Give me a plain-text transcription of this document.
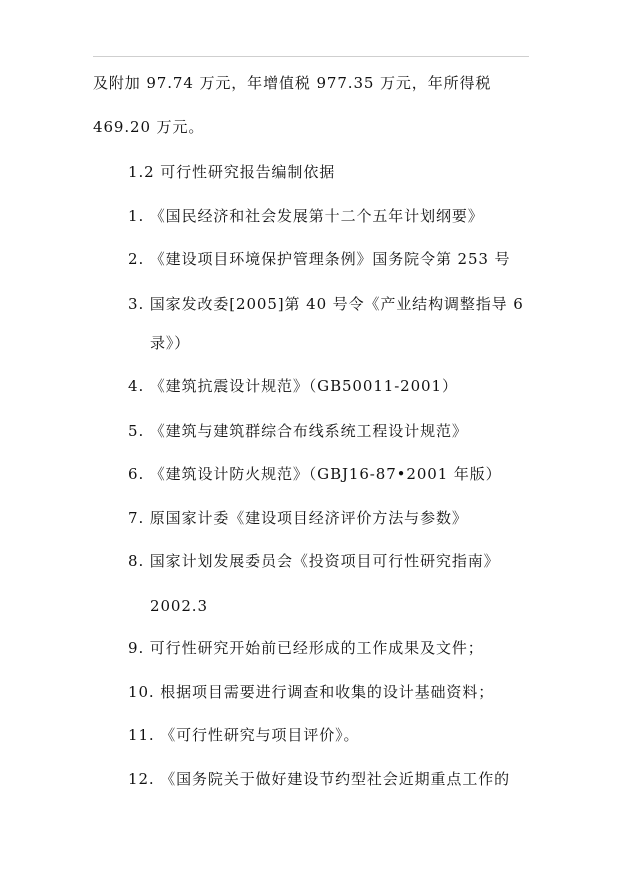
及附加 97.74 万元，年增值税 977.35 万元，年所得税
469.20 万元。
1.2 可行性研究报告编制依据
1. 《国民经济和社会发展第十二个五年计划纲要》
2. 《建设项目环境保护管理条例》国务院令第 253 号
3. 国家发改委[2005]第 40 号令《产业结构调整指导 6
录》）
4. 《建筑抗震设计规范》（GB50011-2001）
5. 《建筑与建筑群综合布线系统工程设计规范》
6. 《建筑设计防火规范》（GBJ16-87•2001 年版）
7. 原国家计委《建设项目经济评价方法与参数》
8. 国家计划发展委员会《投资项目可行性研究指南》
2002.3
9. 可行性研究开始前已经形成的工作成果及文件；
10. 根据项目需要进行调查和收集的设计基础资料；
11. 《可行性研究与项目评价》。
12. 《国务院关于做好建设节约型社会近期重点工作的
